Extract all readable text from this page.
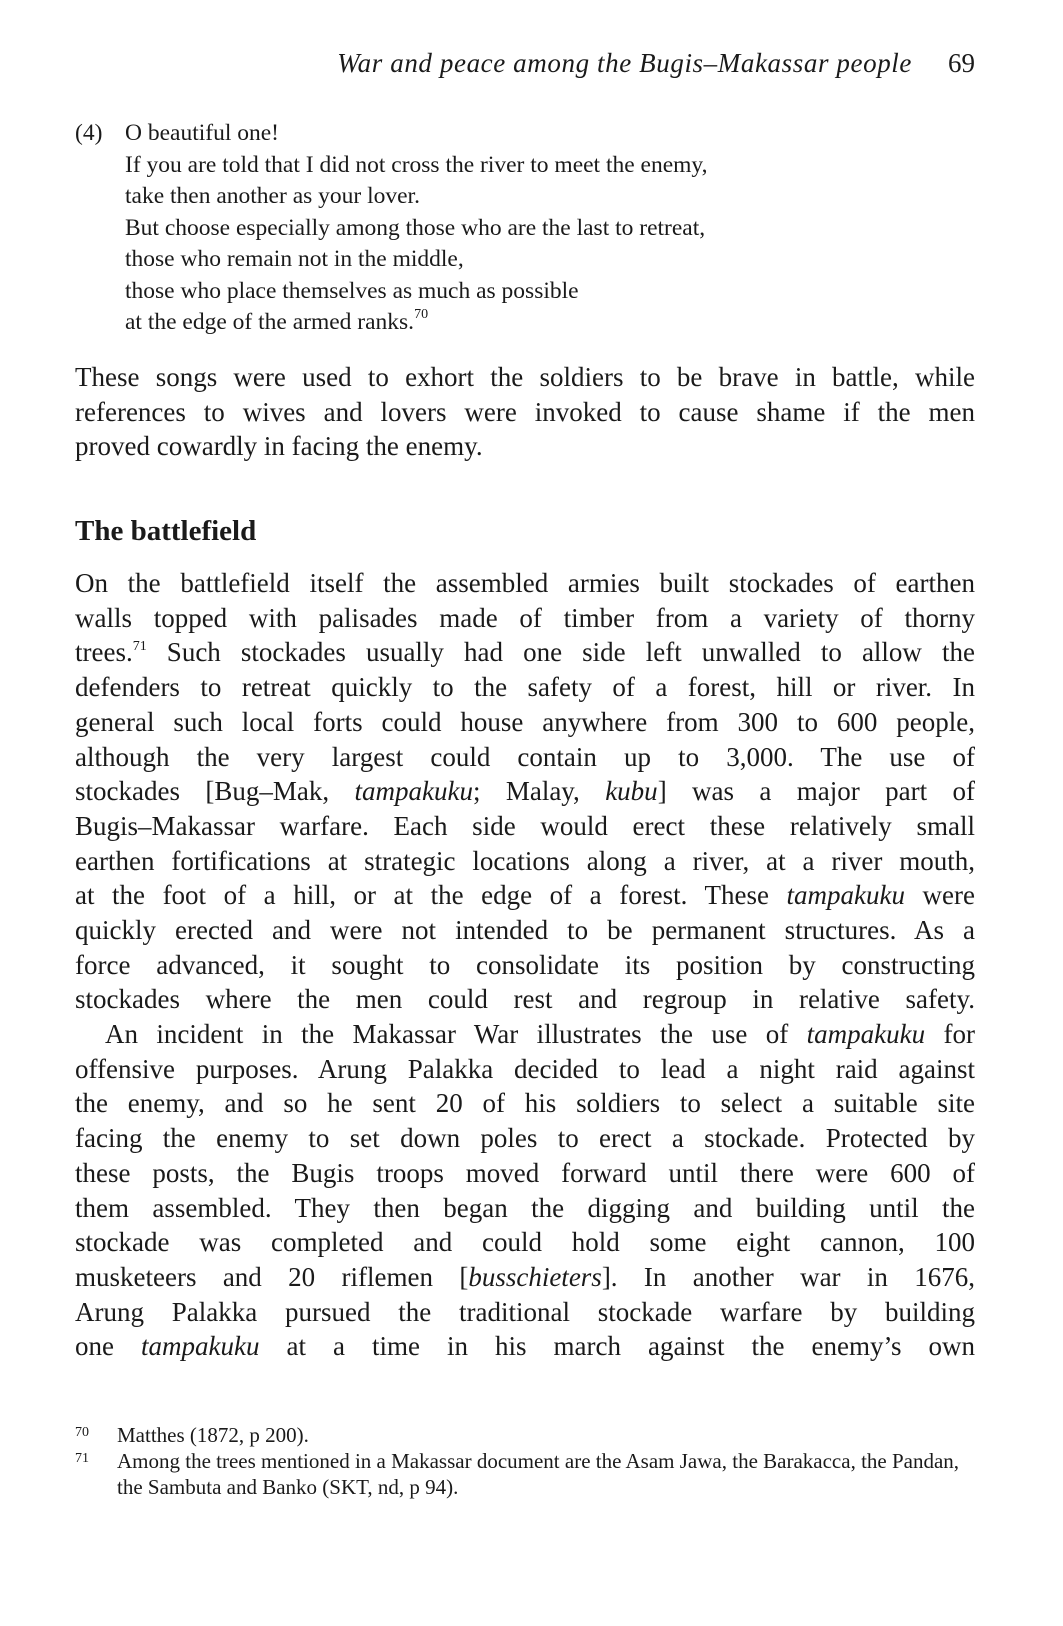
War and peace among the Bugis–Makassar people 69
(4) O beautiful one!
If you are told that I did not cross the river to meet the enemy,
take then another as your lover.
But choose especially among those who are the last to retreat,
those who remain not in the middle,
those who place themselves as much as possible
at the edge of the armed ranks.$^{70}$
These songs were used to exhort the soldiers to be brave in battle, while
references to wives and lovers were invoked to cause shame if the men
proved cowardly in facing the enemy.
The battlefield
On the battlefield itself the assembled armies built stockades of earthen
walls topped with palisades made of timber from a variety of thorny
trees.$^{71}$ Such stockades usually had one side left unwalled to allow the
defenders to retreat quickly to the safety of a forest, hill or river. In
general such local forts could house anywhere from 300 to 600 people,
although the very largest could contain up to 3,000. The use of
stockades [Bug–Mak, tampakuku; Malay, kubu] was a major part of
Bugis–Makassar warfare. Each side would erect these relatively small
earthen fortifications at strategic locations along a river, at a river mouth,
at the foot of a hill, or at the edge of a forest. These tampakuku were
quickly erected and were not intended to be permanent structures. As a
force advanced, it sought to consolidate its position by constructing
stockades where the men could rest and regroup in relative safety.
An incident in the Makassar War illustrates the use of tampakuku for
offensive purposes. Arung Palakka decided to lead a night raid against
the enemy, and so he sent 20 of his soldiers to select a suitable site
facing the enemy to set down poles to erect a stockade. Protected by
these posts, the Bugis troops moved forward until there were 600 of
them assembled. They then began the digging and building until the
stockade was completed and could hold some eight cannon, 100
musketeers and 20 riflemen [busschieters]. In another war in 1676,
Arung Palakka pursued the traditional stockade warfare by building
one tampakuku at a time in his march against the enemy’s own
70 Matthes (1872, p 200).
71 Among the trees mentioned in a Makassar document are the Asam Jawa, the Barakacca, the Pandan, the Sambuta and Banko (SKT, nd, p 94).
